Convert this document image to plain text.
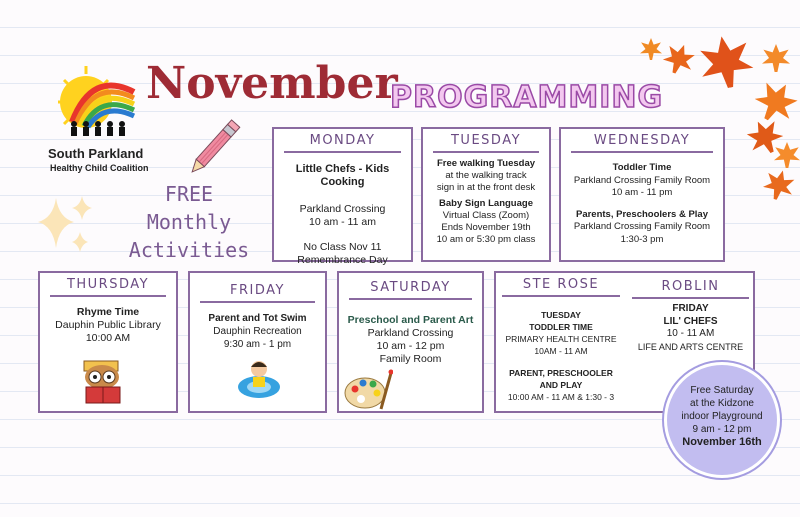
South Parkland
Healthy Child Coalition
November
PROGRAMMING
FREE
Monthly
Activities
MONDAY
Little Chefs - Kids Cooking
Parkland Crossing
10 am - 11 am
No Class Nov 11
Remembrance Day
TUESDAY
Free walking Tuesday
at the walking track
sign in at the front desk
Baby Sign Language
Virtual Class (Zoom)
Ends November 19th
10 am or 5:30 pm class
WEDNESDAY
Toddler Time
Parkland Crossing Family Room
10 am - 11 pm
Parents, Preschoolers & Play
Parkland Crossing Family Room
1:30-3 pm
THURSDAY
Rhyme Time
Dauphin Public Library
10:00 AM
FRIDAY
Parent and Tot Swim
Dauphin Recreation
9:30 am - 1 pm
SATURDAY
Preschool and Parent Art
Parkland Crossing
10 am - 12 pm
Family Room
STE ROSE	ROBLIN
TUESDAY
TODDLER TIME
PRIMARY HEALTH CENTRE
10AM - 11 AM
PARENT, PRESCHOOLER
AND PLAY
10:00 AM - 11 AM & 1:30 - 3
FRIDAY
LIL' CHEFS
10 - 11 AM
LIFE AND ARTS CENTRE
Free Saturday
at the Kidzone
indoor Playground
9 am - 12 pm
November 16th
